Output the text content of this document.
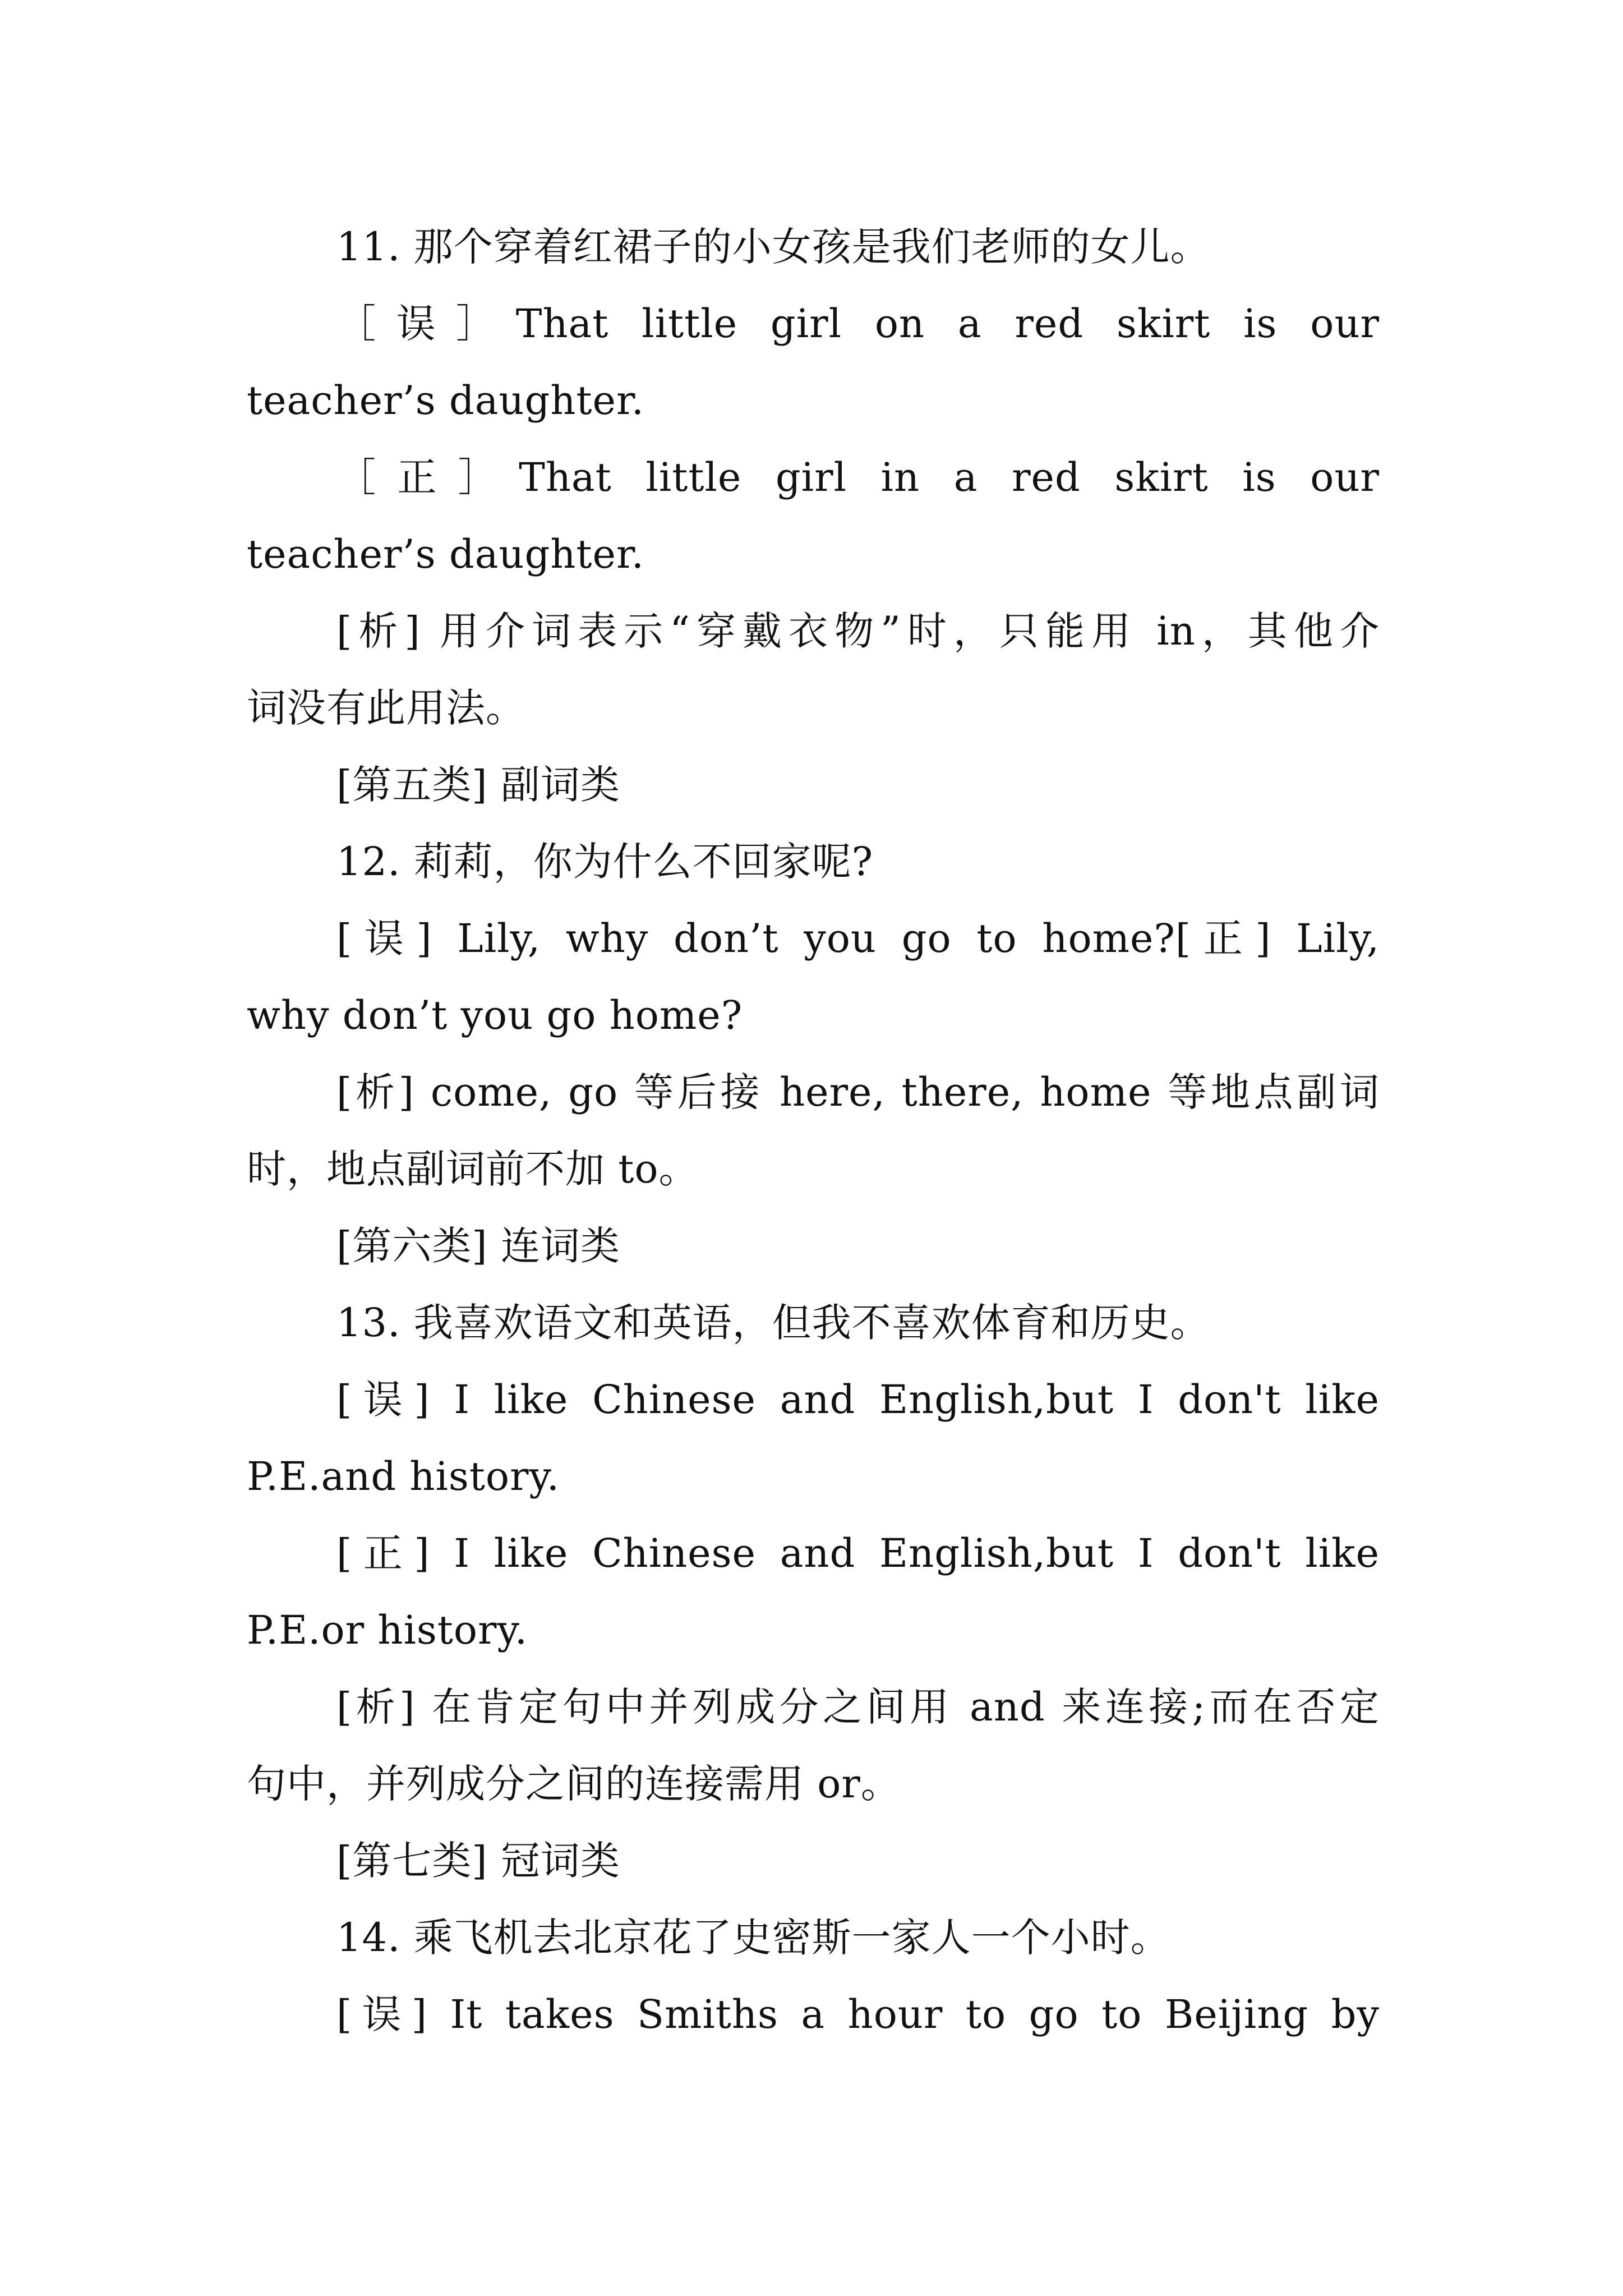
11. 那个穿着红裙子的小女孩是我们老师的女儿。
［误］That little girl on a red skirt is our
teacher’s daughter.
［正］That little girl in a red skirt is our
teacher’s daughter.
[析] 用介词表示“穿戴衣物”时，只能用 in，其他介
词没有此用法。
[第五类] 副词类
12. 莉莉，你为什么不回家呢?
[误] Lily, why don’t you go to home?[正] Lily,
why don’t you go home?
[析] come, go 等后接 here, there, home 等地点副词
时，地点副词前不加 to。
[第六类] 连词类
13. 我喜欢语文和英语，但我不喜欢体育和历史。
[误] I like Chinese and English,but I don't like
P.E.and history.
[正] I like Chinese and English,but I don't like
P.E.or history.
[析] 在肯定句中并列成分之间用 and 来连接;而在否定
句中，并列成分之间的连接需用 or。
[第七类] 冠词类
14. 乘飞机去北京花了史密斯一家人一个小时。
[误] It takes Smiths a hour to go to Beijing by
